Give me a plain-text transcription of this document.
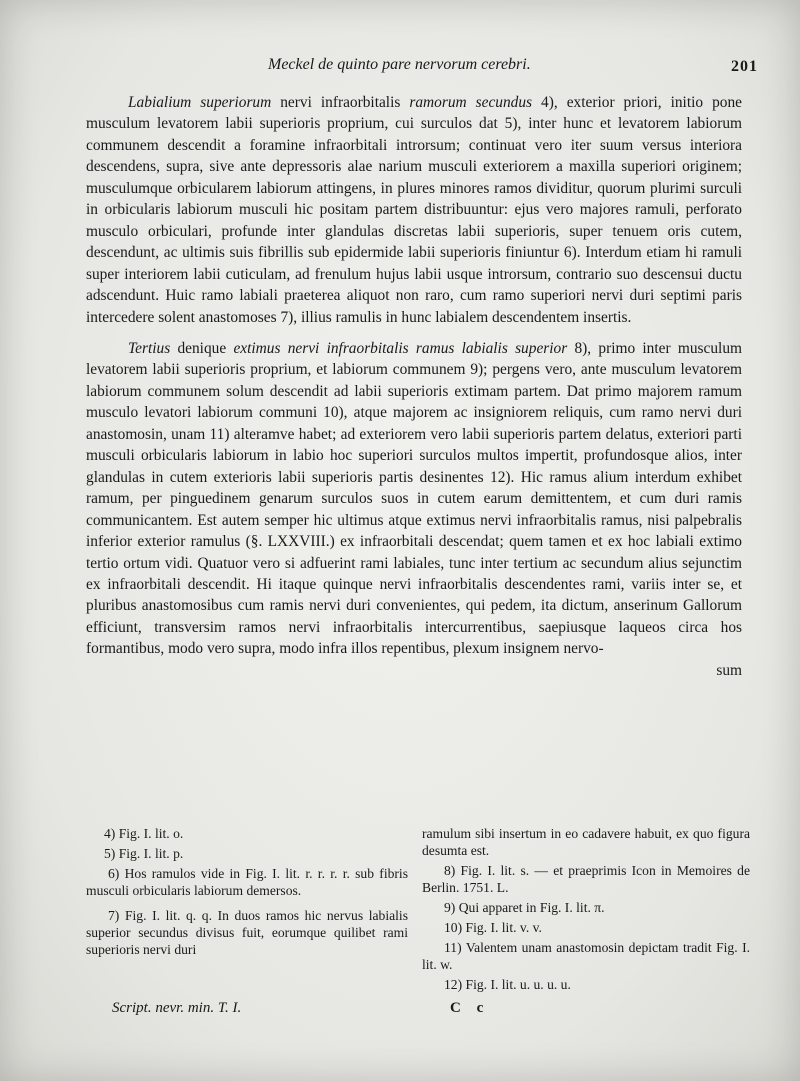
Meckel de quinto pare nervorum cerebri.	201

Labialium superiorum nervi infraorbitalis ramorum secundus 4), exterior priori, initio pone musculum levatorem labii superioris proprium, cui surculos dat 5), inter hunc et levatorem labiorum communem descendit a foramine infraorbitali introrsum; continuat vero iter suum versus interiora descendens, supra, sive ante depressoris alae narium musculi exteriorem a maxilla superiori originem; musculumque orbicularem labiorum attingens, in plures minores ramos dividitur, quorum plurimi surculi in orbicularis labiorum musculi hic positam partem distribuuntur: ejus vero majores ramuli, perforato musculo orbiculari, profunde inter glandulas discretas labii superioris, super tenuem oris cutem, descendunt, ac ultimis suis fibrillis sub epidermide labii superioris finiuntur 6). Interdum etiam hi ramuli super interiorem labii cuticulam, ad frenulum hujus labii usque introrsum, contrario suo descensui ductu adscendunt. Huic ramo labiali praeterea aliquot non raro, cum ramo superiori nervi duri septimi paris intercedere solent anastomoses 7), illius ramulis in hunc labialem descendentem insertis.

Tertius denique extimus nervi infraorbitalis ramus labialis superior 8), primo inter musculum levatorem labii superioris proprium, et labiorum communem 9); pergens vero, ante musculum levatorem labiorum communem solum descendit ad labii superioris extimam partem. Dat primo majorem ramum musculo levatori labiorum communi 10), atque majorem ac insigniorem reliquis, cum ramo nervi duri anastomosin, unam 11) alteramve habet; ad exteriorem vero labii superioris partem delatus, exteriori parti musculi orbicularis labiorum in labio hoc superiori surculos multos impertit, profundosque alios, inter glandulas in cutem exterioris labii superioris partis desinentes 12). Hic ramus alium interdum exhibet ramum, per pinguedinem genarum surculos suos in cutem earum demittentem, et cum duri ramis communicantem. Est autem semper hic ultimus atque extimus nervi infraorbitalis ramus, nisi palpebralis inferior exterior ramulus (§. LXXVIII.) ex infraorbitali descendat; quem tamen et ex hoc labiali extimo tertio ortum vidi. Quatuor vero si adfuerint rami labiales, tunc inter tertium ac secundum alius sejunctim ex infraorbitali descendit. Hi itaque quinque nervi infraorbitalis descendentes rami, variis inter se, et pluribus anastomosibus cum ramis nervi duri convenientes, qui pedem, ita dictum, anserinum Gallorum efficiunt, transversim ramos nervi infraorbitalis intercurrentibus, saepiusque laqueos circa hos formantibus, modo vero supra, modo infra illos repentibus, plexum insignem nervo-

sum

4) Fig. I. lit. o.

5) Fig. I. lit. p.

6) Hos ramulos vide in Fig. I. lit. r. r. r. r. sub fibris musculi orbicularis labiorum demersos.

7) Fig. I. lit. q. q. In duos ramos hic nervus labialis superior secundus divisus fuit, eorumque quilibet rami superioris nervi duri

ramulum sibi insertum in eo cadavere habuit, ex quo figura desumta est.

8) Fig. I. lit. s. — et praeprimis Icon in Memoires de Berlin. 1751. L.

9) Qui apparet in Fig. I. lit. π.

10) Fig. I. lit. v. v.

11) Valentem unam anastomosin depictam tradit Fig. I. lit. w.

12) Fig. I. lit. u. u. u. u.

Script. nevr. min. T. I.	C c
